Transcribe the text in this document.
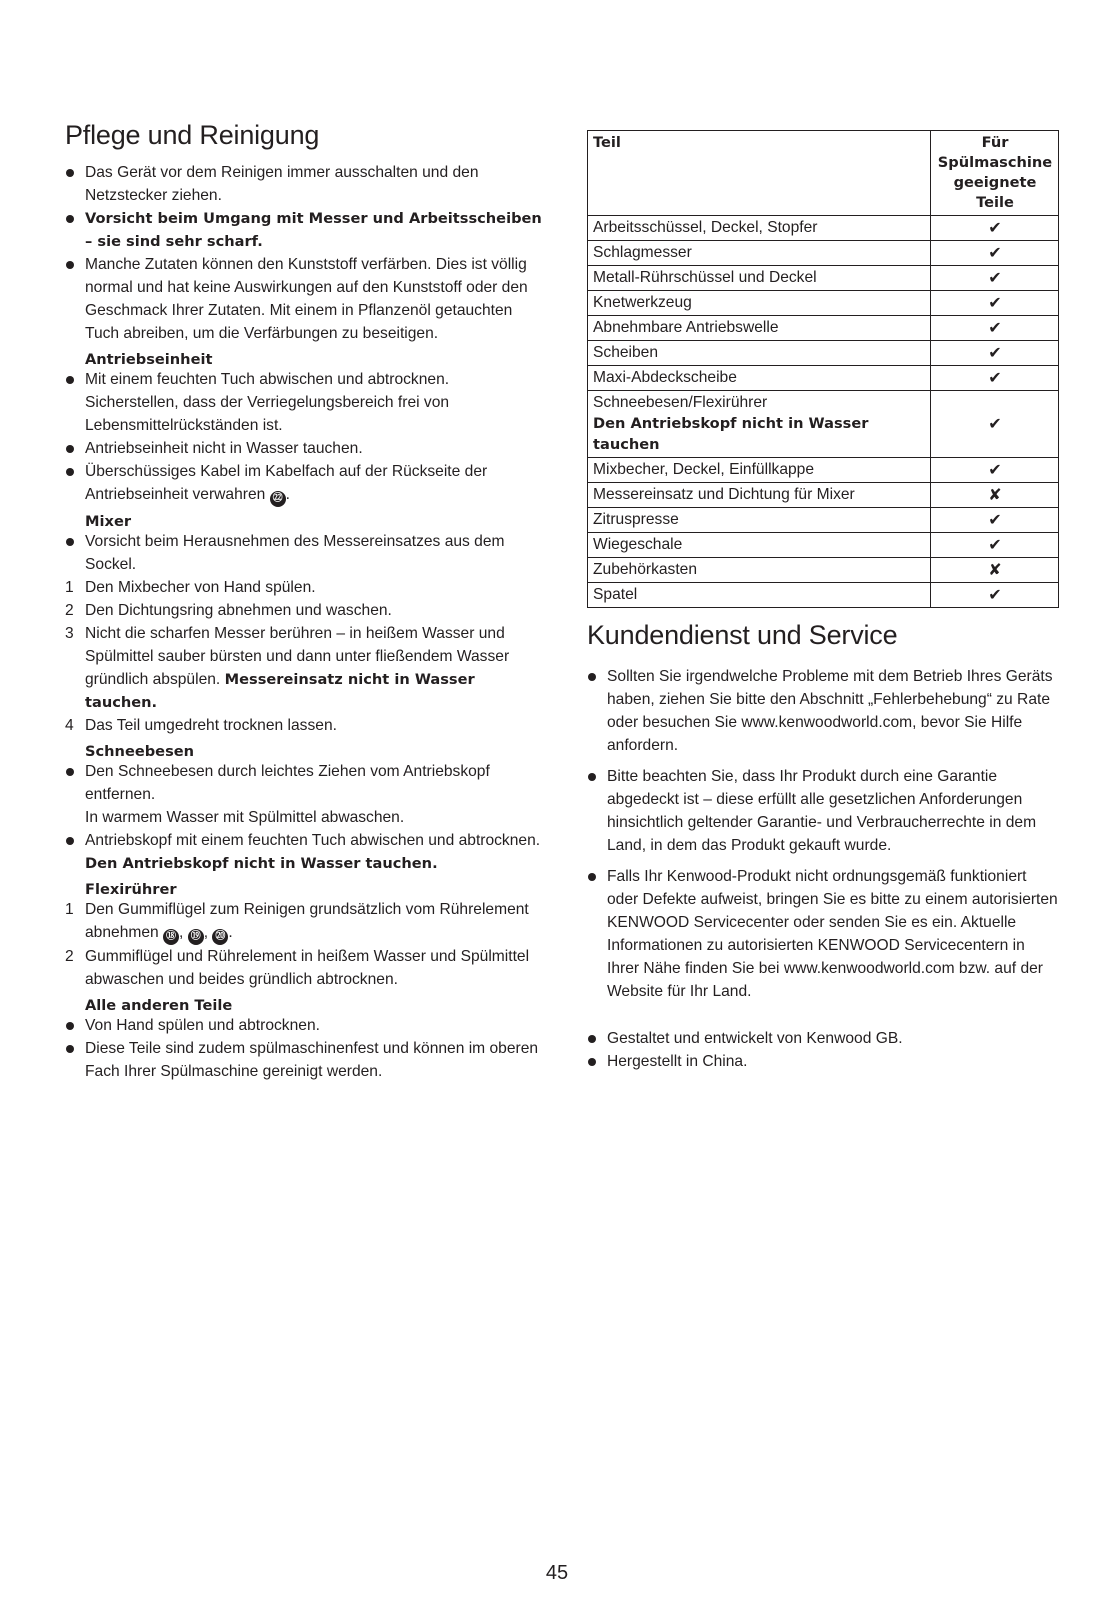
Pflege und Reinigung
Das Gerät vor dem Reinigen immer ausschalten und den Netzstecker ziehen.
Vorsicht beim Umgang mit Messer und Arbeitsscheiben – sie sind sehr scharf.
Manche Zutaten können den Kunststoff verfärben. Dies ist völlig normal und hat keine Auswirkungen auf den Kunststoff oder den Geschmack Ihrer Zutaten. Mit einem in Pflanzenöl getauchten Tuch abreiben, um die Verfärbungen zu beseitigen.
Antriebseinheit
Mit einem feuchten Tuch abwischen und abtrocknen. Sicherstellen, dass der Verriegelungsbereich frei von Lebensmittelrückständen ist.
Antriebseinheit nicht in Wasser tauchen.
Überschüssiges Kabel im Kabelfach auf der Rückseite der Antriebseinheit verwahren ㉒ .
Mixer
Vorsicht beim Herausnehmen des Messereinsatzes aus dem Sockel.
1 Den Mixbecher von Hand spülen.
2 Den Dichtungsring abnehmen und waschen.
3 Nicht die scharfen Messer berühren – in heißem Wasser und Spülmittel sauber bürsten und dann unter fließendem Wasser gründlich abspülen. Messereinsatz nicht in Wasser tauchen.
4 Das Teil umgedreht trocknen lassen.
Schneebesen
Den Schneebesen durch leichtes Ziehen vom Antriebskopf entfernen.
In warmem Wasser mit Spülmittel abwaschen.
Antriebskopf mit einem feuchten Tuch abwischen und abtrocknen. Den Antriebskopf nicht in Wasser tauchen.
Flexirührer
1 Den Gummiflügel zum Reinigen grundsätzlich vom Rührelement abnehmen ⑱ , ⑲ , ⑳ .
2 Gummiflügel und Rührelement in heißem Wasser und Spülmittel abwaschen und beides gründlich abtrocknen.
Alle anderen Teile
Von Hand spülen und abtrocknen.
Diese Teile sind zudem spülmaschinenfest und können im oberen Fach Ihrer Spülmaschine gereinigt werden.
Teil	Für Spülmaschine geeignete Teile
Arbeitsschüssel, Deckel, Stopfer	✔
Schlagmesser	✔
Metall-Rührschüssel und Deckel	✔
Knetwerkzeug	✔
Abnehmbare Antriebswelle	✔
Scheiben	✔
Maxi-Abdeckscheibe	✔
Schneebesen/Flexirührer
Den Antriebskopf nicht in Wasser tauchen	✔
Mixbecher, Deckel, Einfüllkappe	✔
Messereinsatz und Dichtung für Mixer	✘
Zitruspresse	✔
Wiegeschale	✔
Zubehörkasten	✘
Spatel	✔
Kundendienst und Service
Sollten Sie irgendwelche Probleme mit dem Betrieb Ihres Geräts haben, ziehen Sie bitte den Abschnitt „Fehlerbehebung“ zu Rate oder besuchen Sie www.kenwoodworld.com, bevor Sie Hilfe anfordern.
Bitte beachten Sie, dass Ihr Produkt durch eine Garantie abgedeckt ist – diese erfüllt alle gesetzlichen Anforderungen hinsichtlich geltender Garantie- und Verbraucherrechte in dem Land, in dem das Produkt gekauft wurde.
Falls Ihr Kenwood-Produkt nicht ordnungsgemäß funktioniert oder Defekte aufweist, bringen Sie es bitte zu einem autorisierten KENWOOD Servicecenter oder senden Sie es ein. Aktuelle Informationen zu autorisierten KENWOOD Servicecentern in Ihrer Nähe finden Sie bei www.kenwoodworld.com bzw. auf der Website für Ihr Land.
Gestaltet und entwickelt von Kenwood GB.
Hergestellt in China.
45
